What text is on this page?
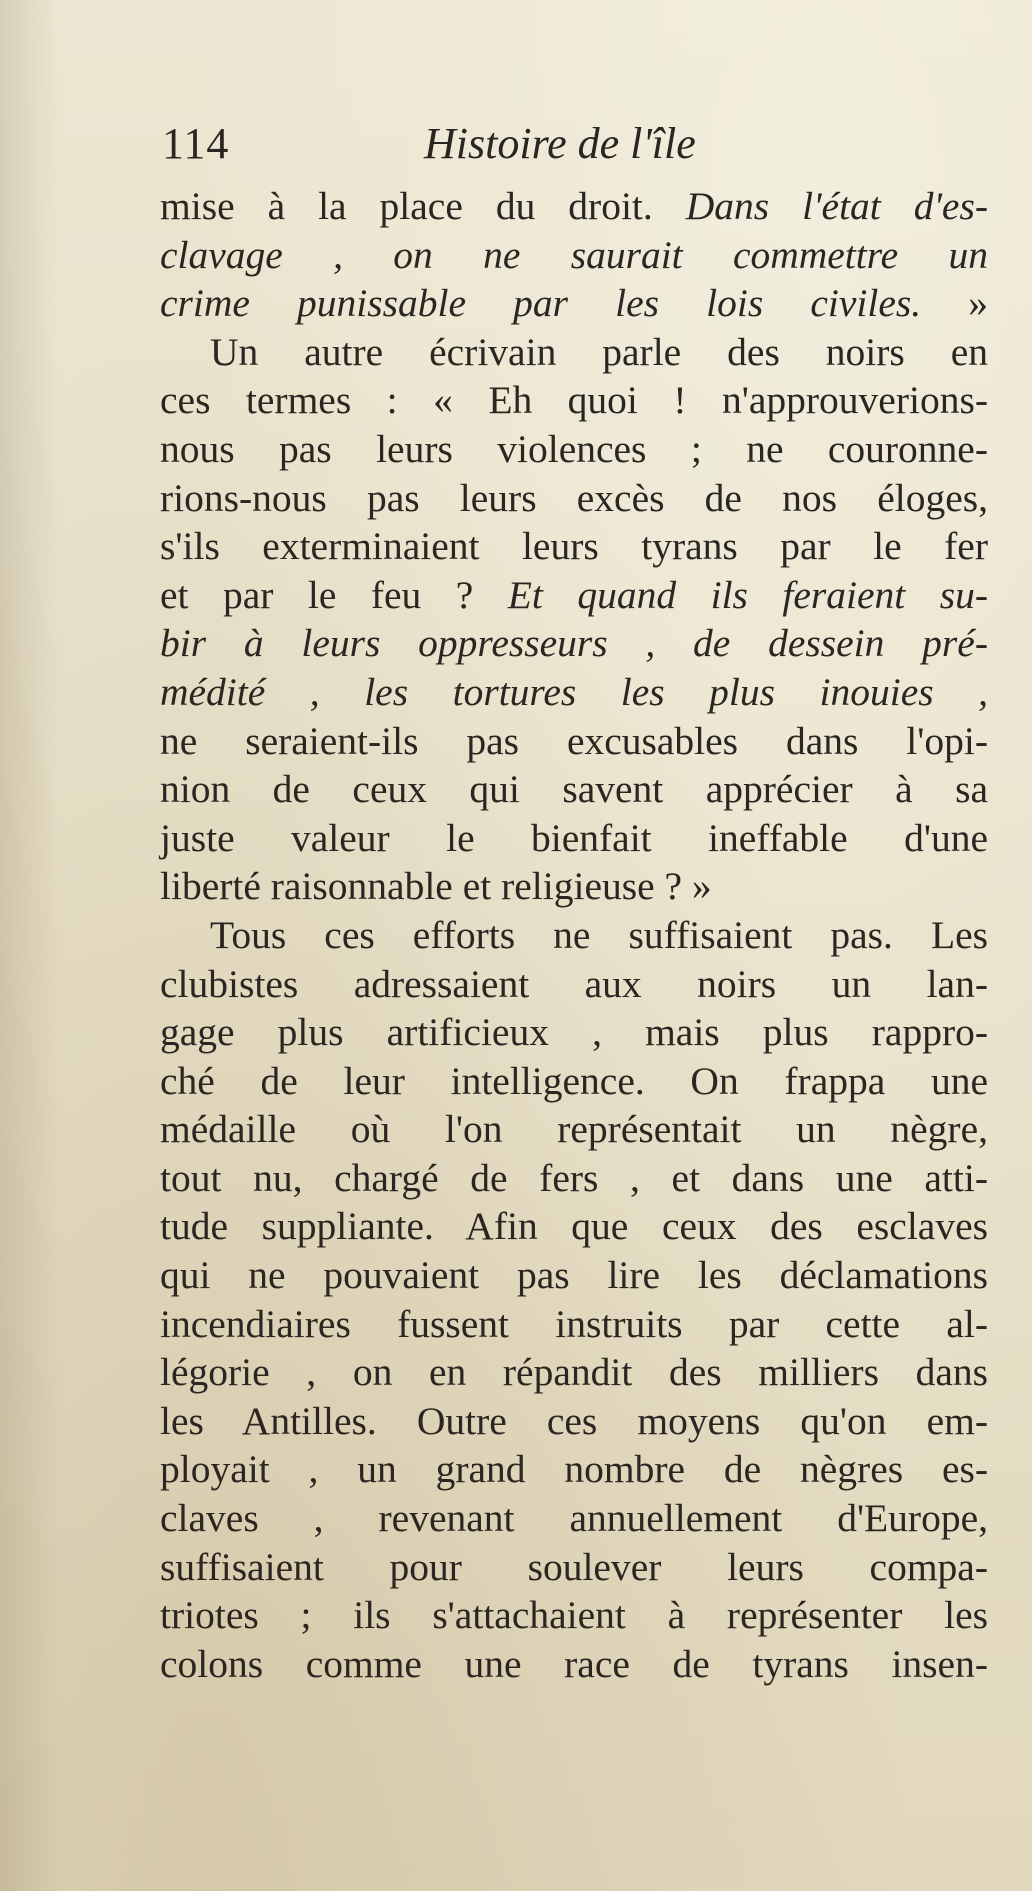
114	Histoire de l'île
mise à la place du droit. Dans l'état d'es-
clavage , on ne saurait commettre un
crime punissable par les lois civiles. »
Un autre écrivain parle des noirs en
ces termes : « Eh quoi ! n'approuverions-
nous pas leurs violences ; ne couronne-
rions-nous pas leurs excès de nos éloges,
s'ils exterminaient leurs tyrans par le fer
et par le feu ? Et quand ils feraient su-
bir à leurs oppresseurs , de dessein pré-
médité , les tortures les plus inouies ,
ne seraient-ils pas excusables dans l'opi-
nion de ceux qui savent apprécier à sa
juste valeur le bienfait ineffable d'une
liberté raisonnable et religieuse ? »
Tous ces efforts ne suffisaient pas. Les
clubistes adressaient aux noirs un lan-
gage plus artificieux , mais plus rappro-
ché de leur intelligence. On frappa une
médaille où l'on représentait un nègre,
tout nu, chargé de fers , et dans une atti-
tude suppliante. Afin que ceux des esclaves
qui ne pouvaient pas lire les déclamations
incendiaires fussent instruits par cette al-
légorie , on en répandit des milliers dans
les Antilles. Outre ces moyens qu'on em-
ployait , un grand nombre de nègres es-
claves , revenant annuellement d'Europe,
suffisaient pour soulever leurs compa-
triotes ; ils s'attachaient à représenter les
colons comme une race de tyrans insen-
